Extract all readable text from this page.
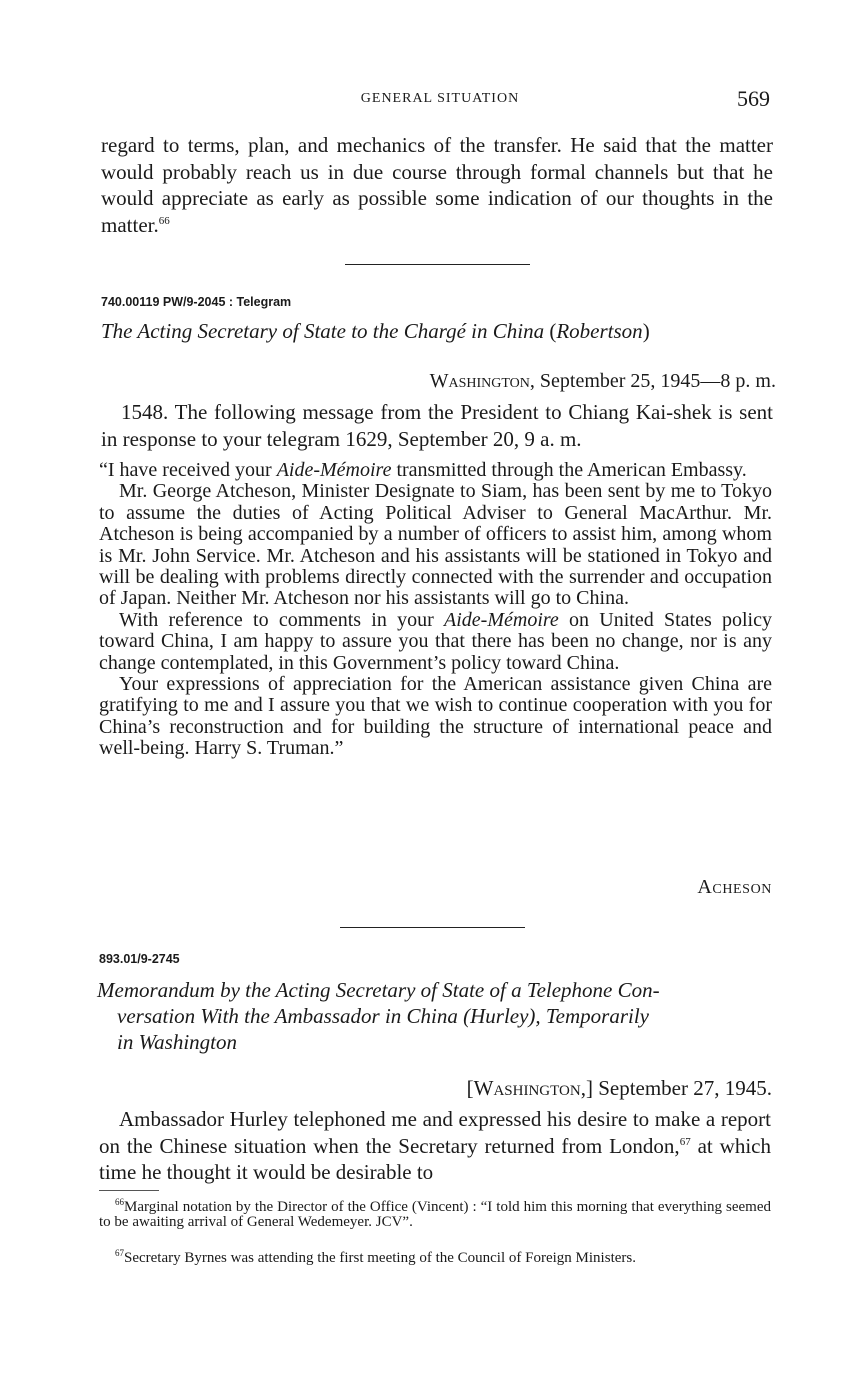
GENERAL SITUATION	569
regard to terms, plan, and mechanics of the transfer. He said that the matter would probably reach us in due course through formal channels but that he would appreciate as early as possible some indication of our thoughts in the matter.$^{66}$
740.00119 PW/9-2045 : Telegram
The Acting Secretary of State to the Chargé in China (Robertson)
Washington, September 25, 1945—8 p. m.
1548. The following message from the President to Chiang Kai-shek is sent in response to your telegram 1629, September 20, 9 a. m.

“I have received your Aide-Mémoire transmitted through the American Embassy.

Mr. George Atcheson, Minister Designate to Siam, has been sent by me to Tokyo to assume the duties of Acting Political Adviser to General MacArthur. Mr. Atcheson is being accompanied by a number of officers to assist him, among whom is Mr. John Service. Mr. Atcheson and his assistants will be stationed in Tokyo and will be dealing with problems directly connected with the surrender and occupation of Japan. Neither Mr. Atcheson nor his assistants will go to China.

With reference to comments in your Aide-Mémoire on United States policy toward China, I am happy to assure you that there has been no change, nor is any change contemplated, in this Government’s policy toward China.

Your expressions of appreciation for the American assistance given China are gratifying to me and I assure you that we wish to continue cooperation with you for China’s reconstruction and for building the structure of international peace and well-being. Harry S. Truman.”

Acheson
893.01/9-2745
Memorandum by the Acting Secretary of State of a Telephone Con-
versation With the Ambassador in China (Hurley), Temporarily
in Washington
[Washington,] September 27, 1945.
Ambassador Hurley telephoned me and expressed his desire to make a report on the Chinese situation when the Secretary returned from London,$^{67}$ at which time he thought it would be desirable to
$^{66}$Marginal notation by the Director of the Office (Vincent) : “I told him this morning that everything seemed to be awaiting arrival of General Wedemeyer. JCV”.
$^{67}$Secretary Byrnes was attending the first meeting of the Council of Foreign Ministers.
